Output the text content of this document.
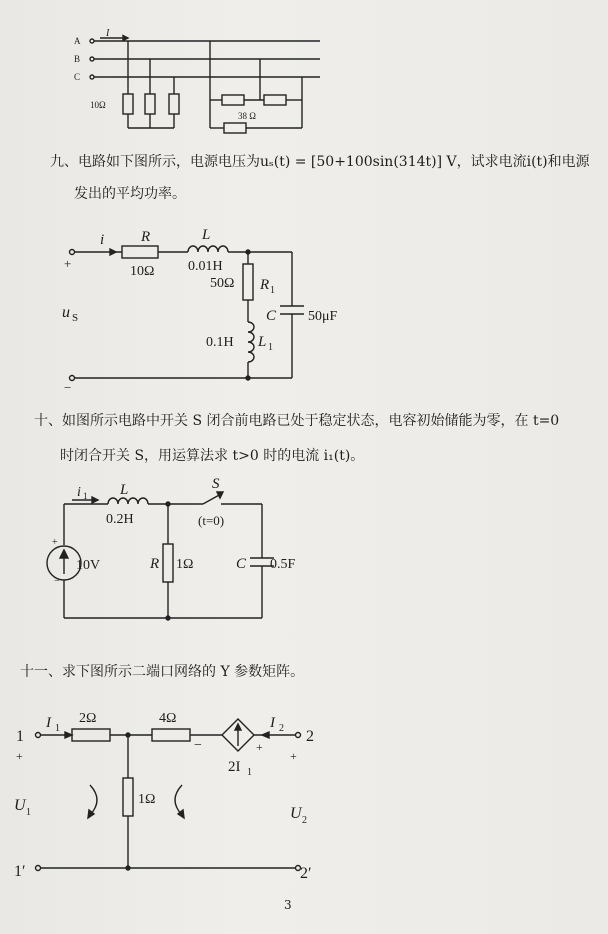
A
B
C
I
10Ω
38 Ω
九、电路如下图所示，电源电压为uₛ(t) = [50+100sin(314t)] V，试求电流i(t)和电源
发出的平均功率。
i R
10Ω
L
0.01H
+
−
u S
50Ω R 1
C 50μF
0.1H L 1
十、如图所示电路中开关 S 闭合前电路已处于稳定状态，电容初始储能为零，在 t=0
时闭合开关 S，用运算法求 t>0 时的电流 i₁(t)。
i 1 L
0.2H
S
(t=0)
10V
+
−
R 1Ω	C 0.5F
十一、求下图所示二端口网络的 Y 参数矩阵。
1
1′
2
2′
I 1	I 2
2Ω	4Ω
1Ω
2I 1
−	+
+	+
U 1	U 2
3
